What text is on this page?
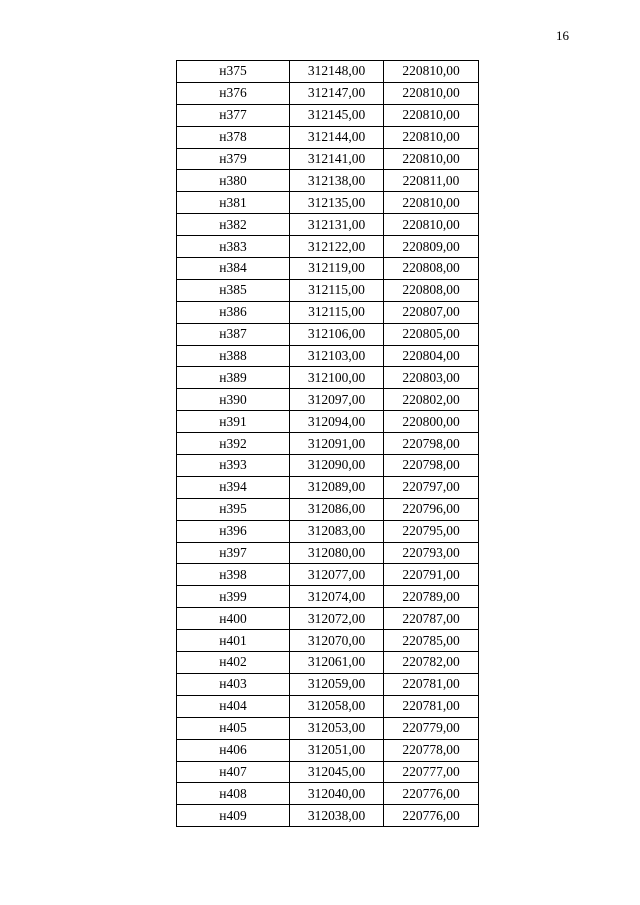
16
н375	312148,00	220810,00
н376	312147,00	220810,00
н377	312145,00	220810,00
н378	312144,00	220810,00
н379	312141,00	220810,00
н380	312138,00	220811,00
н381	312135,00	220810,00
н382	312131,00	220810,00
н383	312122,00	220809,00
н384	312119,00	220808,00
н385	312115,00	220808,00
н386	312115,00	220807,00
н387	312106,00	220805,00
н388	312103,00	220804,00
н389	312100,00	220803,00
н390	312097,00	220802,00
н391	312094,00	220800,00
н392	312091,00	220798,00
н393	312090,00	220798,00
н394	312089,00	220797,00
н395	312086,00	220796,00
н396	312083,00	220795,00
н397	312080,00	220793,00
н398	312077,00	220791,00
н399	312074,00	220789,00
н400	312072,00	220787,00
н401	312070,00	220785,00
н402	312061,00	220782,00
н403	312059,00	220781,00
н404	312058,00	220781,00
н405	312053,00	220779,00
н406	312051,00	220778,00
н407	312045,00	220777,00
н408	312040,00	220776,00
н409	312038,00	220776,00
